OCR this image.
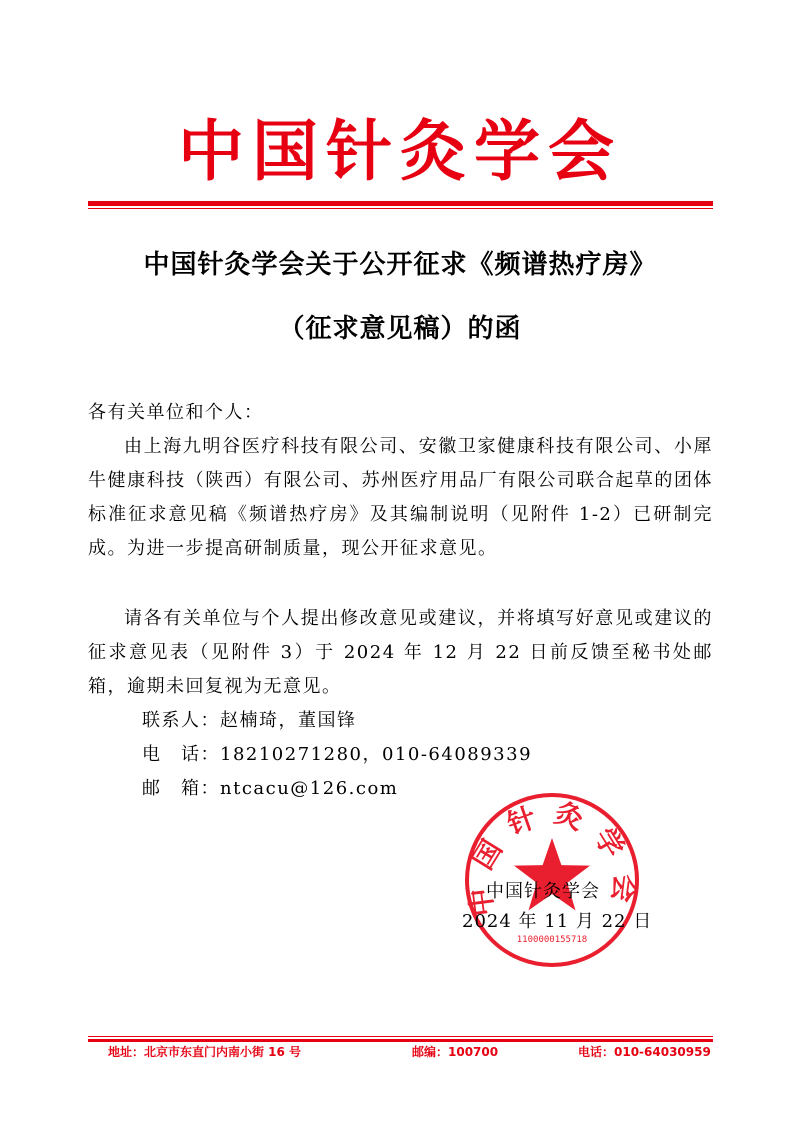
中国针灸学会
中国针灸学会关于公开征求《频谱热疗房》
（征求意见稿）的函
各有关单位和个人：
由上海九明谷医疗科技有限公司、安徽卫家健康科技有限公司、小犀牛健康科技（陕西）有限公司、苏州医疗用品厂有限公司联合起草的团体标准征求意见稿《频谱热疗房》及其编制说明（见附件 1-2）已研制完成。为进一步提高研制质量，现公开征求意见。
请各有关单位与个人提出修改意见或建议，并将填写好意见或建议的征求意见表（见附件 3）于 2024 年 12 月 22 日前反馈至秘书处邮箱，逾期未回复视为无意见。
联系人：赵楠琦，董国锋
电　话：18210271280，010-64089339
邮　箱：ntcacu@126.com
中国针灸学会
1100000155718
中国针灸学会
2024 年 11 月 22 日
地址：北京市东直门内南小街 16 号	邮编：100700	电话：010-64030959
